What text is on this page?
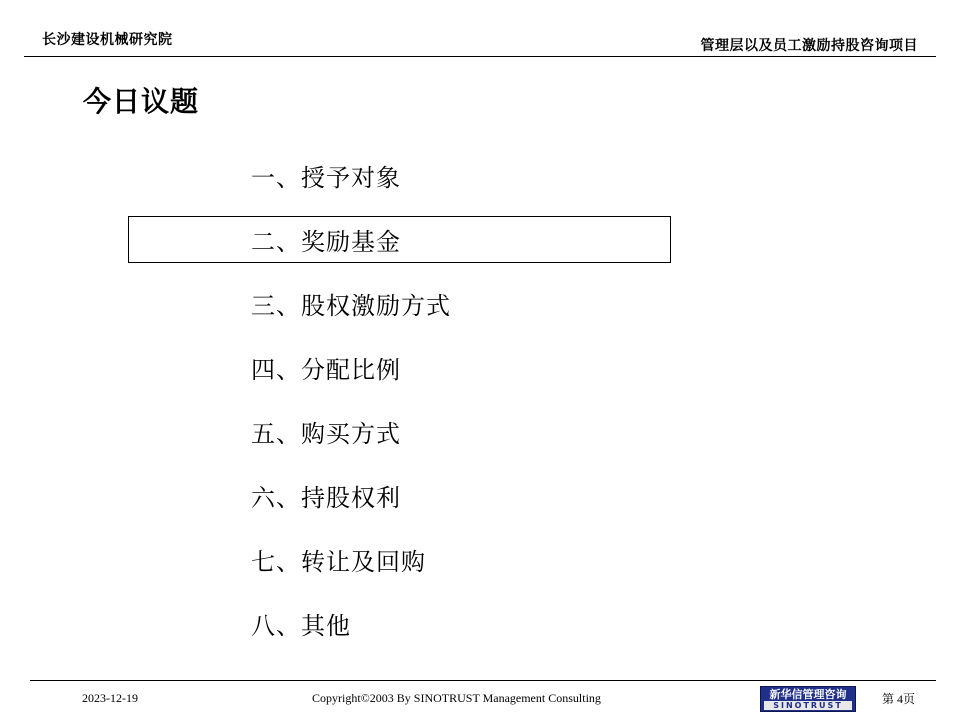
长沙建设机械研究院	管理层以及员工激励持股咨询项目
今日议题
一、授予对象
二、奖励基金
三、股权激励方式
四、分配比例
五、购买方式
六、持股权利
七、转让及回购
八、其他
2023-12-19	Copyright©2003 By SINOTRUST Management Consulting	新华信管理咨询
SINOTRUST	第 4页
